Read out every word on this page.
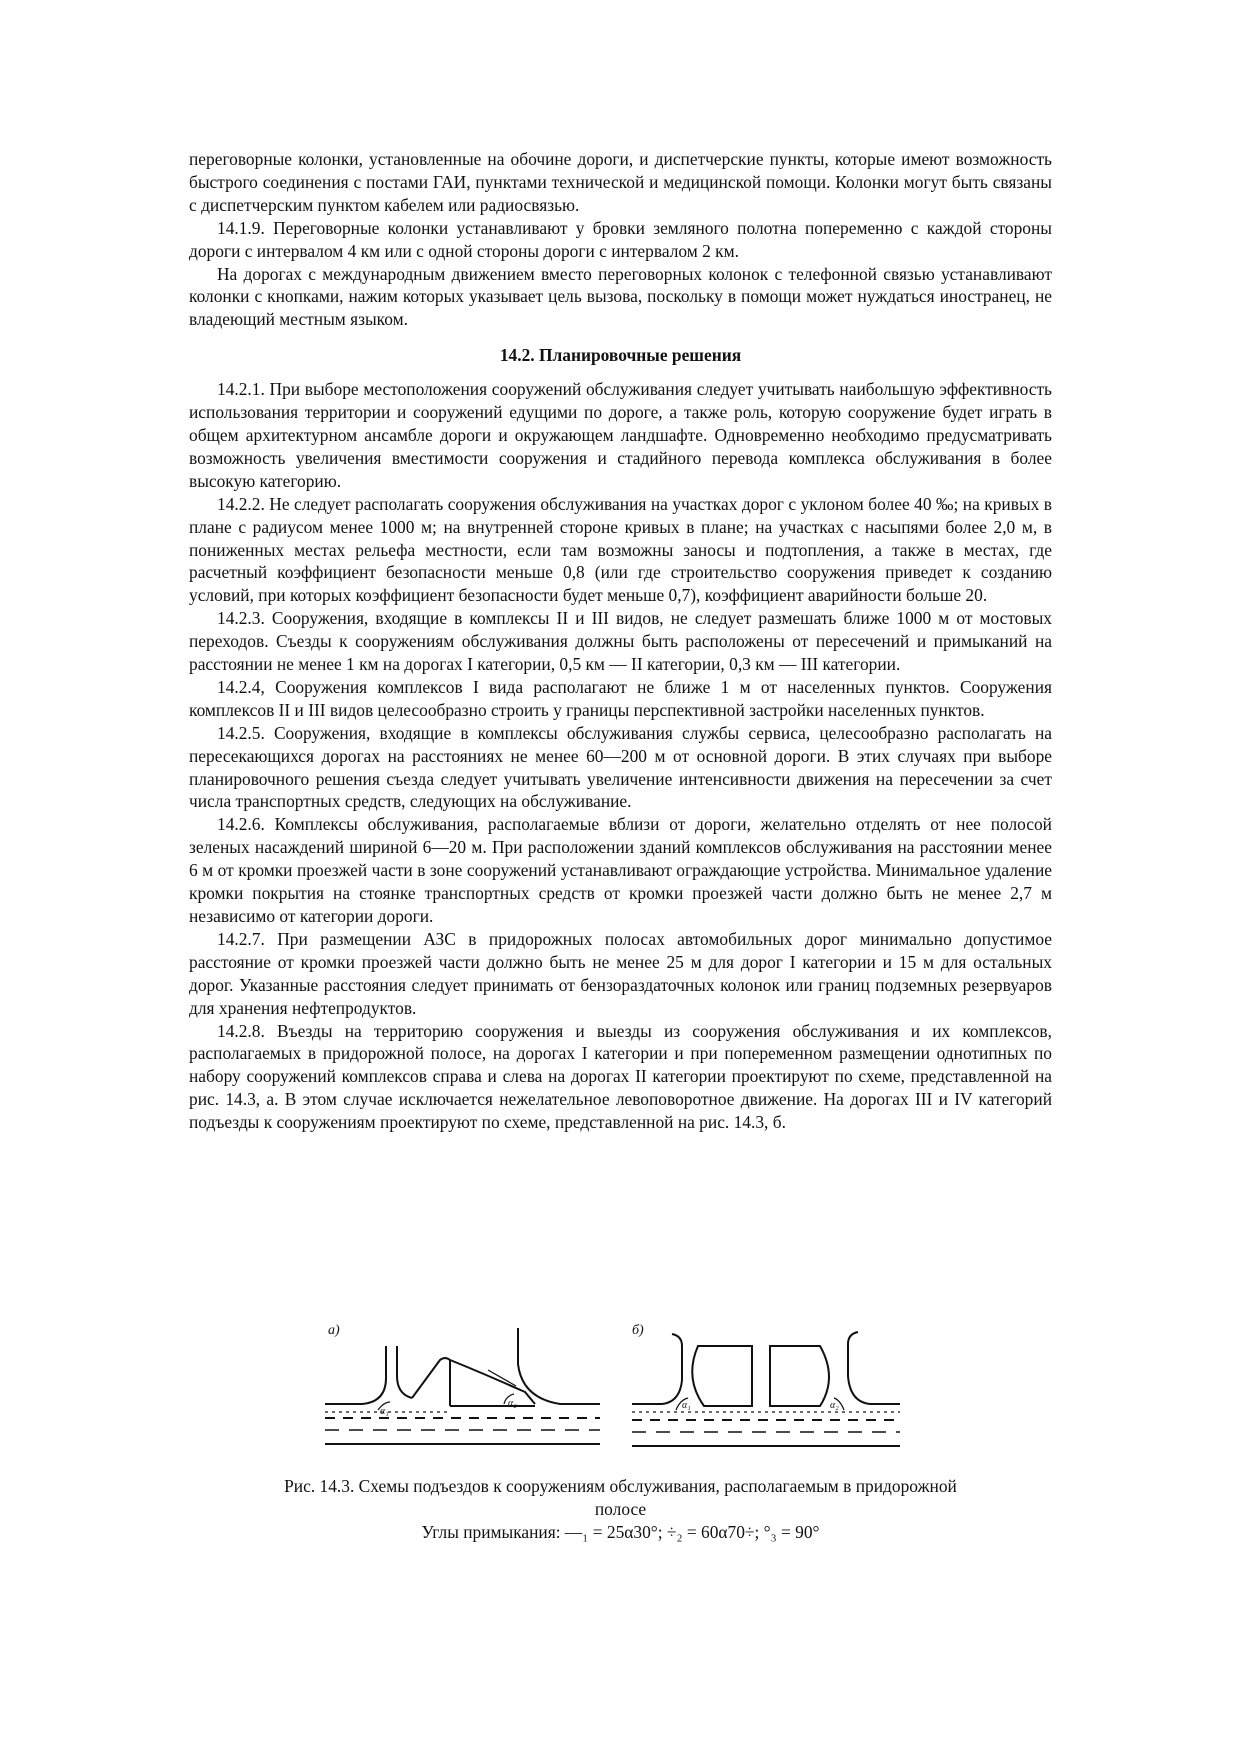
переговорные колонки, установленные на обочине дороги, и диспетчерские пункты, которые имеют возможность быстрого соединения с постами ГАИ, пунктами технической и медицинской помощи. Колонки могут быть связаны с диспетчерским пунктом кабелем или радиосвязью.

14.1.9. Переговорные колонки устанавливают у бровки земляного полотна попеременно с каждой стороны дороги с интервалом 4 км или с одной стороны дороги с интервалом 2 км.

На дорогах с международным движением вместо переговорных колонок с телефонной связью устанавливают колонки с кнопками, нажим которых указывает цель вызова, поскольку в помощи может нуждаться иностранец, не владеющий местным языком.

14.2. Планировочные решения

14.2.1. При выборе местоположения сооружений обслуживания следует учитывать наибольшую эффективность использования территории и сооружений едущими по дороге, а также роль, которую сооружение будет играть в общем архитектурном ансамбле дороги и окружающем ландшафте. Одновременно необходимо предусматривать возможность увеличения вместимости сооружения и стадийного перевода комплекса обслуживания в более высокую категорию.

14.2.2. Не следует располагать сооружения обслуживания на участках дорог с уклоном более 40 ‰; на кривых в плане с радиусом менее 1000 м; на внутренней стороне кривых в плане; на участках с насыпями более 2,0 м, в пониженных местах рельефа местности, если там возможны заносы и подтопления, а также в местах, где расчетный коэффициент безопасности меньше 0,8 (или где строительство сооружения приведет к созданию условий, при которых коэффициент безопасности будет меньше 0,7), коэффициент аварийности больше 20.

14.2.3. Сооружения, входящие в комплексы II и III видов, не следует размешать ближе 1000 м от мостовых переходов. Съезды к сооружениям обслуживания должны быть расположены от пересечений и примыканий на расстоянии не менее 1 км на дорогах I категории, 0,5 км — II категории, 0,3 км — III категории.

14.2.4, Сооружения комплексов I вида располагают не ближе 1 м от населенных пунктов. Сооружения комплексов II и III видов целесообразно строить у границы перспективной застройки населенных пунктов.

14.2.5. Сооружения, входящие в комплексы обслуживания службы сервиса, целесообразно располагать на пересекающихся дорогах на расстояниях не менее 60—200 м от основной дороги. В этих случаях при выборе планировочного решения съезда следует учитывать увеличение интенсивности движения на пересечении за счет числа транспортных средств, следующих на обслуживание.

14.2.6. Комплексы обслуживания, располагаемые вблизи от дороги, желательно отделять от нее полосой зеленых насаждений шириной 6—20 м. При расположении зданий комплексов обслуживания на расстоянии менее 6 м от кромки проезжей части в зоне сооружений устанавливают ограждающие устройства. Минимальное удаление кромки покрытия на стоянке транспортных средств от кромки проезжей части должно быть не менее 2,7 м независимо от категории дороги.

14.2.7. При размещении АЗС в придорожных полосах автомобильных дорог минимально допустимое расстояние от кромки проезжей части должно быть не менее 25 м для дорог I категории и 15 м для остальных дорог. Указанные расстояния следует принимать от бензораздаточных колонок или границ подземных резервуаров для хранения нефтепродуктов.

14.2.8. Въезды на территорию сооружения и выезды из сооружения обслуживания и их комплексов, располагаемых в придорожной полосе, на дорогах I категории и при попеременном размещении однотипных по набору сооружений комплексов справа и слева на дорогах II категории проектируют по схеме, представленной на рис. 14.3, а. В этом случае исключается нежелательное левоповоротное движение. На дорогах III и IV категорий подъезды к сооружениям проектируют по схеме, представленной на рис. 14.3, б.

а)
α₁
α₂
б)
α₁	α₂
Рис. 14.3. Схемы подъездов к сооружениям обслуживания, располагаемым в придорожной
полосе
Углы примыкания: —₁ = 25α30°; ÷₂ = 60α70÷; °₃ = 90°
